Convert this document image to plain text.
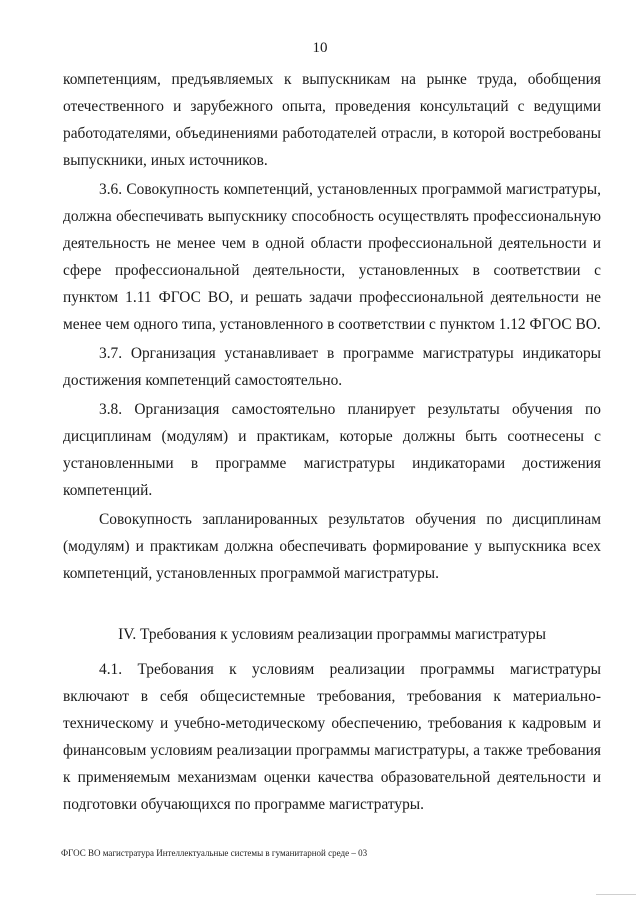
10

компетенциям, предъявляемых к выпускникам на рынке труда, обобщения отечественного и зарубежного опыта, проведения консультаций с ведущими работодателями, объединениями работодателей отрасли, в которой востребованы выпускники, иных источников.

3.6. Совокупность компетенций, установленных программой магистратуры, должна обеспечивать выпускнику способность осуществлять профессиональную деятельность не менее чем в одной области профессиональной деятельности и сфере профессиональной деятельности, установленных в соответствии с пунктом 1.11 ФГОС ВО, и решать задачи профессиональной деятельности не менее чем одного типа, установленного в соответствии с пунктом 1.12 ФГОС ВО.

3.7. Организация устанавливает в программе магистратуры индикаторы достижения компетенций самостоятельно.

3.8. Организация самостоятельно планирует результаты обучения по дисциплинам (модулям) и практикам, которые должны быть соотнесены с установленными в программе магистратуры индикаторами достижения компетенций.

Совокупность запланированных результатов обучения по дисциплинам (модулям) и практикам должна обеспечивать формирование у выпускника всех компетенций, установленных программой магистратуры.

IV. Требования к условиям реализации программы магистратуры

4.1. Требования к условиям реализации программы магистратуры включают в себя общесистемные требования, требования к материально-техническому и учебно-методическому обеспечению, требования к кадровым и финансовым условиям реализации программы магистратуры, а также требования к применяемым механизмам оценки качества образовательной деятельности и подготовки обучающихся по программе магистратуры.

ФГОС ВО магистратура Интеллектуальные системы в гуманитарной среде – 03
